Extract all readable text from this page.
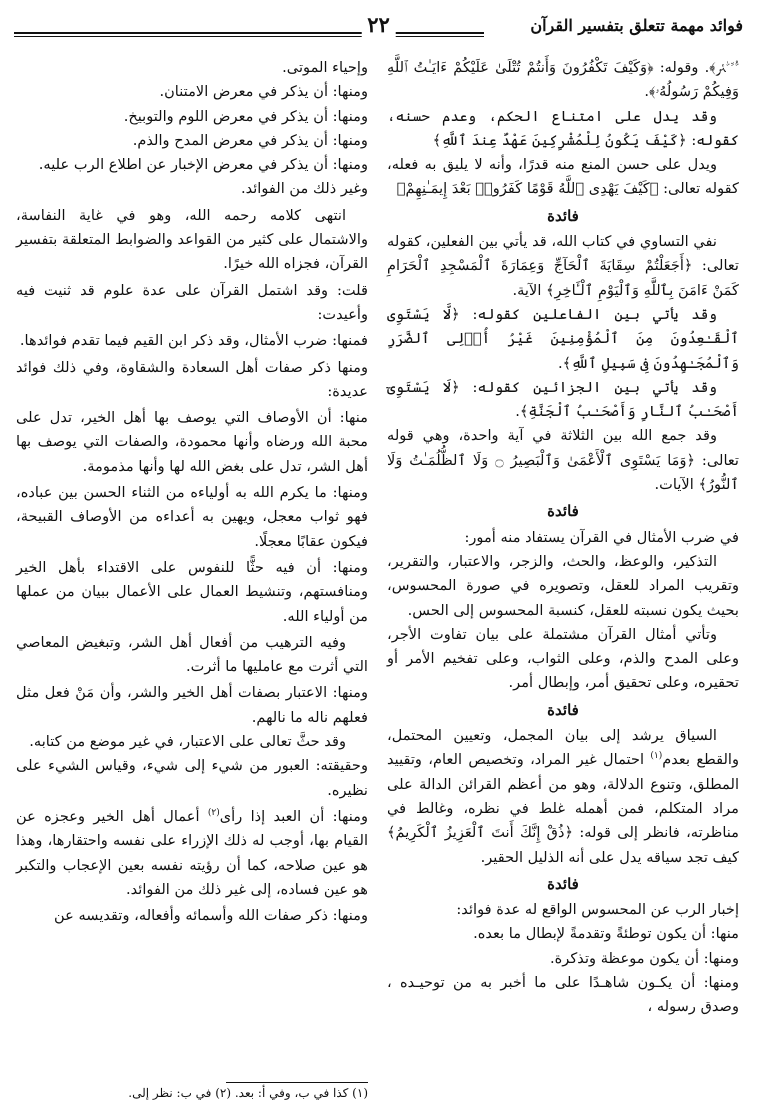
فوائد مهمة تتعلق بتفسير القرآن
٢٢

ﱡﱢﱣﱤ﴾. وقوله: ﴿وَكَيْفَ تَكْفُرُونَ وَأَنتُمْ تُتْلَىٰ عَلَيْكُمْ ءَايَـٰتُ ٱللَّهِ وَفِيكُمْ رَسُولُهُۥ﴾.

وقد يدل على امتناع الحكم، وعدم حسنه، كقوله: ﴿كَيْفَ يَكُونُ لِلْمُشْرِكِينَ عَهْدٌ عِندَ ٱللَّهِ﴾

ويدل على حسن المنع منه قدرًا، وأنه لا يليق به فعله، كقوله تعالى: ﴿كَيْفَ يَهْدِى ٱللَّهُ قَوْمًا كَفَرُوا۟ بَعْدَ إِيمَـٰنِهِمْ﴾

فائدة

نفي التساوي في كتاب الله، قد يأتي بين الفعلين، كقوله تعالى: ﴿أَجَعَلْتُمْ سِقَايَةَ ٱلْحَآجِّ وَعِمَارَةَ ٱلْمَسْجِدِ ٱلْحَرَامِ كَمَنْ ءَامَنَ بِٱللَّهِ وَٱلْيَوْمِ ٱلْـَٔاخِرِ﴾ الآية.

وقد يأتي بين الفاعلين كقوله: ﴿لَّا يَسْتَوِى ٱلْقَـٰعِدُونَ مِنَ ٱلْمُؤْمِنِينَ غَيْرُ أُو۟لِى ٱلضَّرَرِ وَٱلْمُجَـٰهِدُونَ فِى سَبِيلِ ٱللَّهِ﴾.

وقد يأتي بين الجزائين كقوله: ﴿لَا يَسْتَوِىٓ أَصْحَـٰبُ ٱلنَّارِ وَأَصْحَـٰبُ ٱلْجَنَّةِ﴾.

وقد جمع الله بين الثلاثة في آية واحدة، وهي قوله تعالى: ﴿وَمَا يَسْتَوِى ٱلْأَعْمَىٰ وَٱلْبَصِيرُ ۝ وَلَا ٱلظُّلُمَـٰتُ وَلَا ٱلنُّورُ﴾ الآيات.

فائدة

في ضرب الأمثال في القرآن يستفاد منه أمور:

التذكير، والوعظ، والحث، والزجر، والاعتبار، والتقرير، وتقريب المراد للعقل، وتصويره في صورة المحسوس، بحيث يكون نسبته للعقل، كنسبة المحسوس إلى الحس.

وتأتي أمثال القرآن مشتملة على بيان تفاوت الأجر، وعلى المدح والذم، وعلى الثواب، وعلى تفخيم الأمر أو تحقيره، وعلى تحقيق أمر، وإبطال أمر.

فائدة

السياق يرشد إلى بيان المجمل، وتعيين المحتمل، والقطع بعدم$^{(١)}$ احتمال غير المراد، وتخصيص العام، وتقييد المطلق، وتنوع الدلالة، وهو من أعظم القرائن الدالة على مراد المتكلم، فمن أهمله غلط في نظره، وغالط في مناظرته، فانظر إلى قوله: ﴿ذُقْ إِنَّكَ أَنتَ ٱلْعَزِيزُ ٱلْكَرِيمُ﴾ كيف تجد سياقه يدل على أنه الذليل الحقير.

فائدة

إخبار الرب عن المحسوس الواقع له عدة فوائد:

منها: أن يكون توطئةً وتقدمةً لإبطال ما بعده.

ومنها: أن يكون موعظة وتذكرة.

ومنها: أن يكـون شاهـدًا على ما أخبر به من توحيـده ، وصدق رسوله ،

وإحياء الموتى.

ومنها: أن يذكر في معرض الامتنان.

ومنها: أن يذكر في معرض اللوم والتوبيخ.

ومنها: أن يذكر في معرض المدح والذم.

ومنها: أن يذكر في معرض الإخبار عن اطلاع الرب عليه.

وغير ذلك من الفوائد.

انتهى كلامه رحمه الله، وهو في غاية النفاسة، والاشتمال على كثير من القواعد والضوابط المتعلقة بتفسير القرآن، فجزاه الله خيرًا.

قلت: وقد اشتمل القرآن على عدة علوم قد ثنيت فيه وأعيدت:

فمنها: ضرب الأمثال، وقد ذكر ابن القيم فيما تقدم فوائدها.

ومنها ذكر صفات أهل السعادة والشقاوة، وفي ذلك فوائد عديدة:

منها: أن الأوصاف التي يوصف بها أهل الخير، تدل على محبة الله ورضاه وأنها محمودة، والصفات التي يوصف بها أهل الشر، تدل على بغض الله لها وأنها مذمومة.

ومنها: ما يكرم الله به أولياءه من الثناء الحسن بين عباده، فهو ثواب معجل، ويهين به أعداءه من الأوصاف القبيحة، فيكون عقابًا معجلًا.

ومنها: أن فيه حثًّا للنفوس على الاقتداء بأهل الخير ومنافستهم، وتنشيط العمال على الأعمال ببيان من عملها من أولياء الله.

وفيه الترهيب من أفعال أهل الشر، وتبغيض المعاصي التي أثرت مع عامليها ما أثرت.

ومنها: الاعتبار بصفات أهل الخير والشر، وأن مَنْ فعل مثل فعلهم ناله ما نالهم.

وقد حثَّ تعالى على الاعتبار، في غير موضع من كتابه.

وحقيقته: العبور من شيء إلى شيء، وقياس الشيء على نظيره.

ومنها: أن العبد إذا رأى$^{(٢)}$ أعمال أهل الخير وعجزه عن القيام بها، أوجب له ذلك الإزراء على نفسه واحتقارها، وهذا هو عين صلاحه، كما أن رؤيته نفسه بعين الإعجاب والتكبر هو عين فساده، إلى غير ذلك من الفوائد.

ومنها: ذكر صفات الله وأسمائه وأفعاله، وتقديسه عن

(١) كذا في ب، وفي أ: بعد. (٢) في ب: نظر إلى.
